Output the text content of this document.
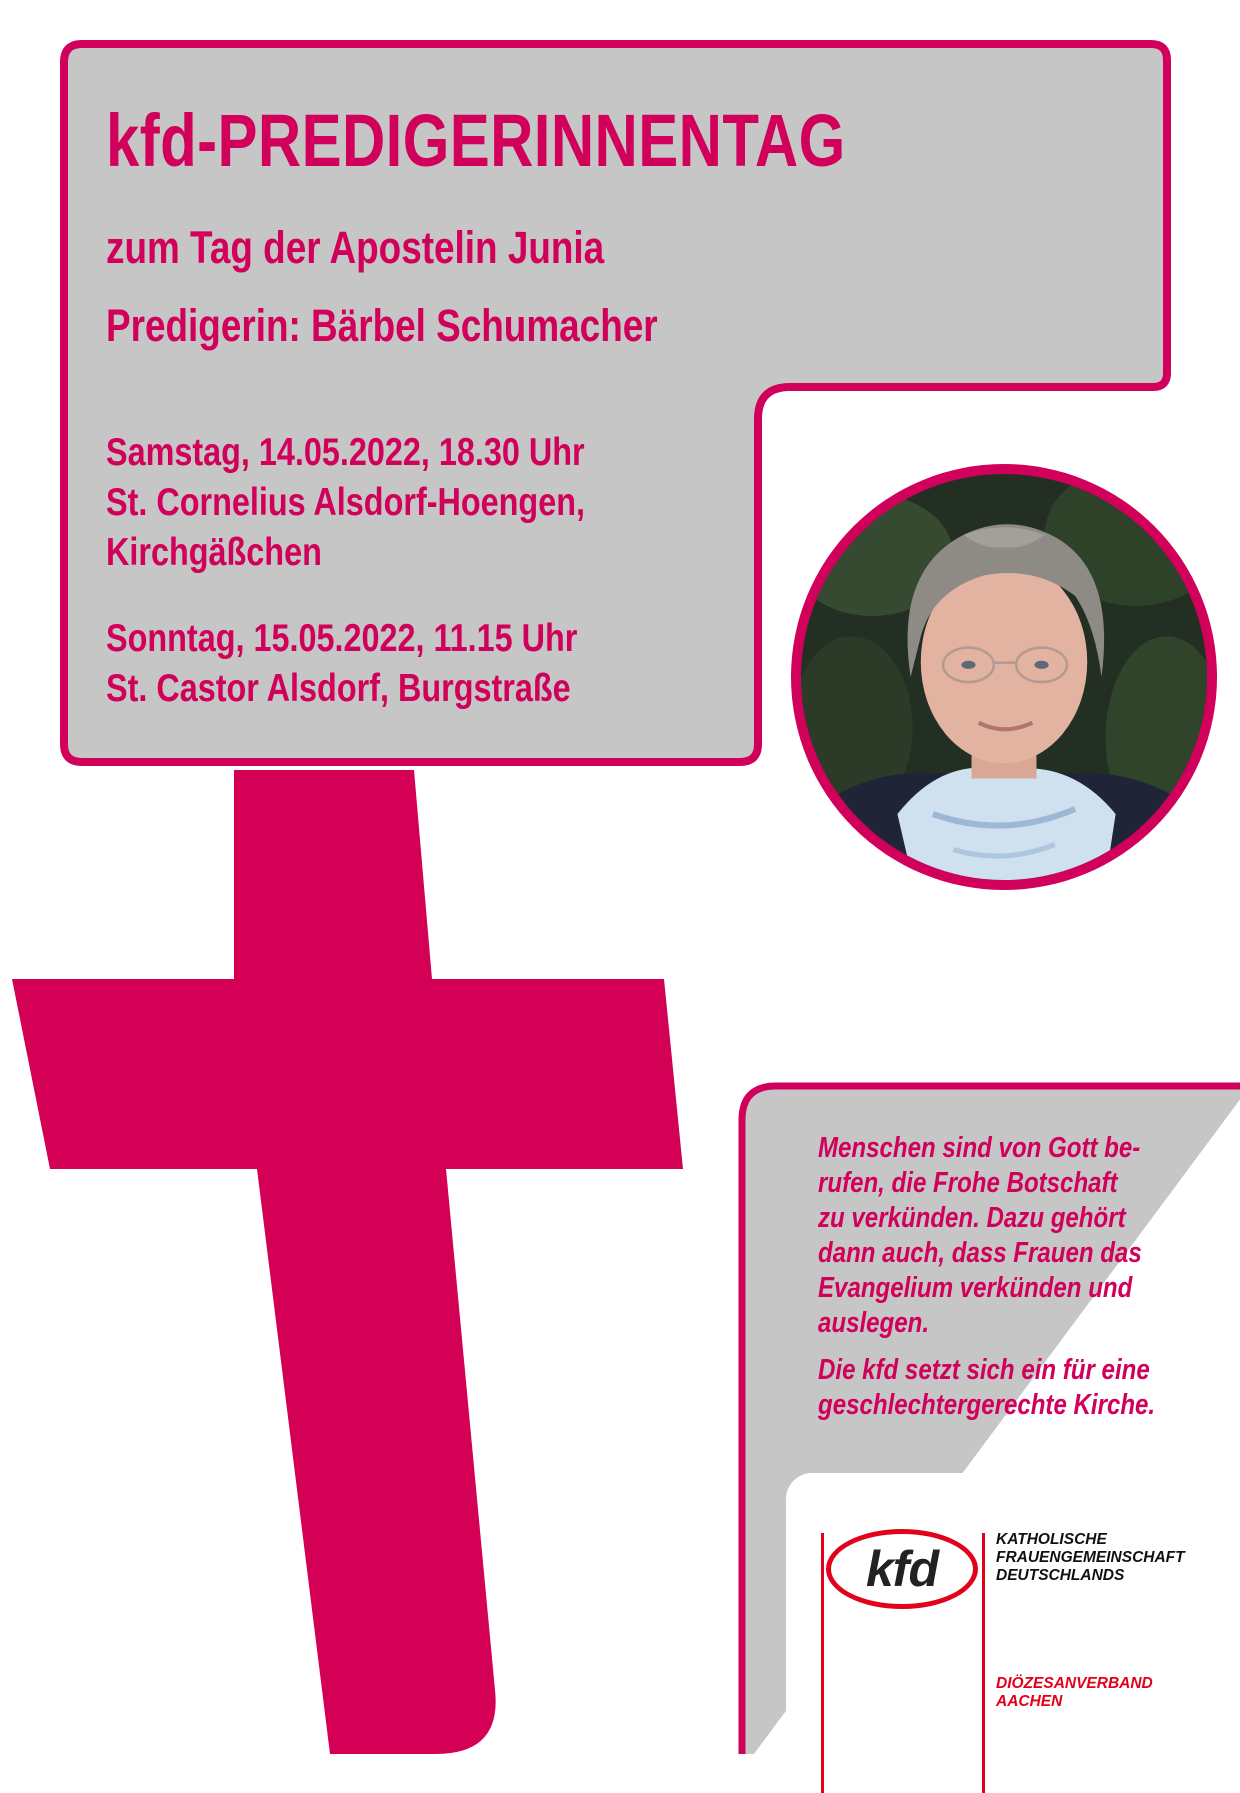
kfd-PREDIGERINNENTAG

zum Tag der Apostelin Junia

Predigerin: Bärbel Schumacher

Samstag, 14.05.2022, 18.30 Uhr
St. Cornelius Alsdorf-Hoengen,
Kirchgäßchen
Sonntag, 15.05.2022, 11.15 Uhr
St. Castor Alsdorf, Burgstraße
Menschen sind von Gott be-
rufen, die Frohe Botschaft
zu verkünden. Dazu gehört
dann auch, dass Frauen das
Evangelium verkünden und
auslegen.
Die kfd setzt sich ein für eine
geschlechtergerechte Kirche.
kfd

KATHOLISCHE
FRAUENGEMEINSCHAFT
DEUTSCHLANDS

DIÖZESANVERBAND
AACHEN
